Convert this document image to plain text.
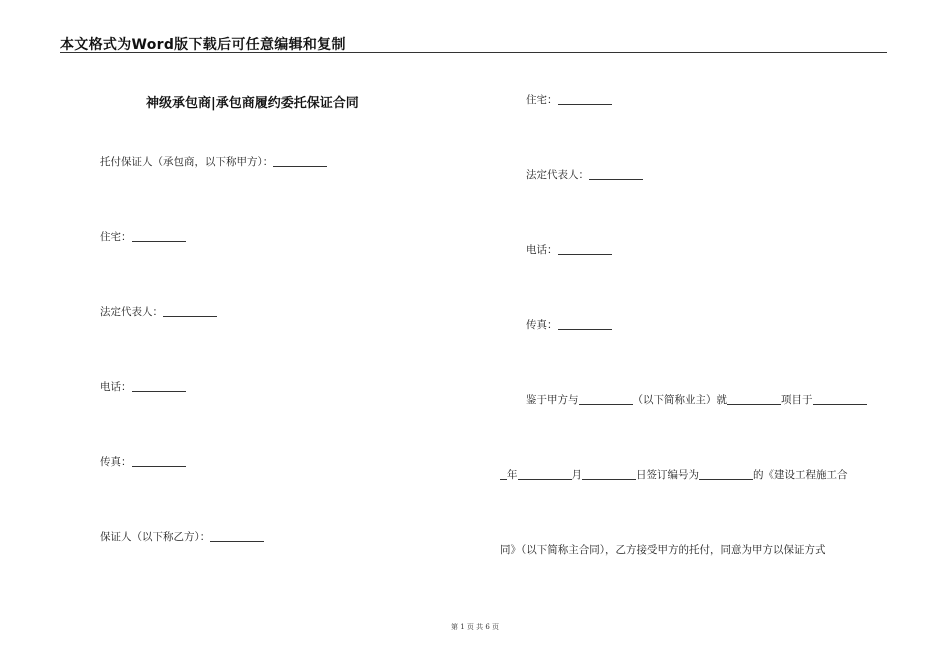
本文格式为Word版下载后可任意编辑和复制
神级承包商|承包商履约委托保证合同
托付保证人（承包商，以下称甲方）：
住宅：
法定代表人：
电话：
传真：
保证人（以下称乙方）：
住宅：
法定代表人：
电话：
传真：
鉴于甲方与	（以下简称业主）就	项目于
年	月	日签订编号为	的《建设工程施工合
同》（以下简称主合同），乙方接受甲方的托付，同意为甲方以保证方式
第 1 页 共 6 页
